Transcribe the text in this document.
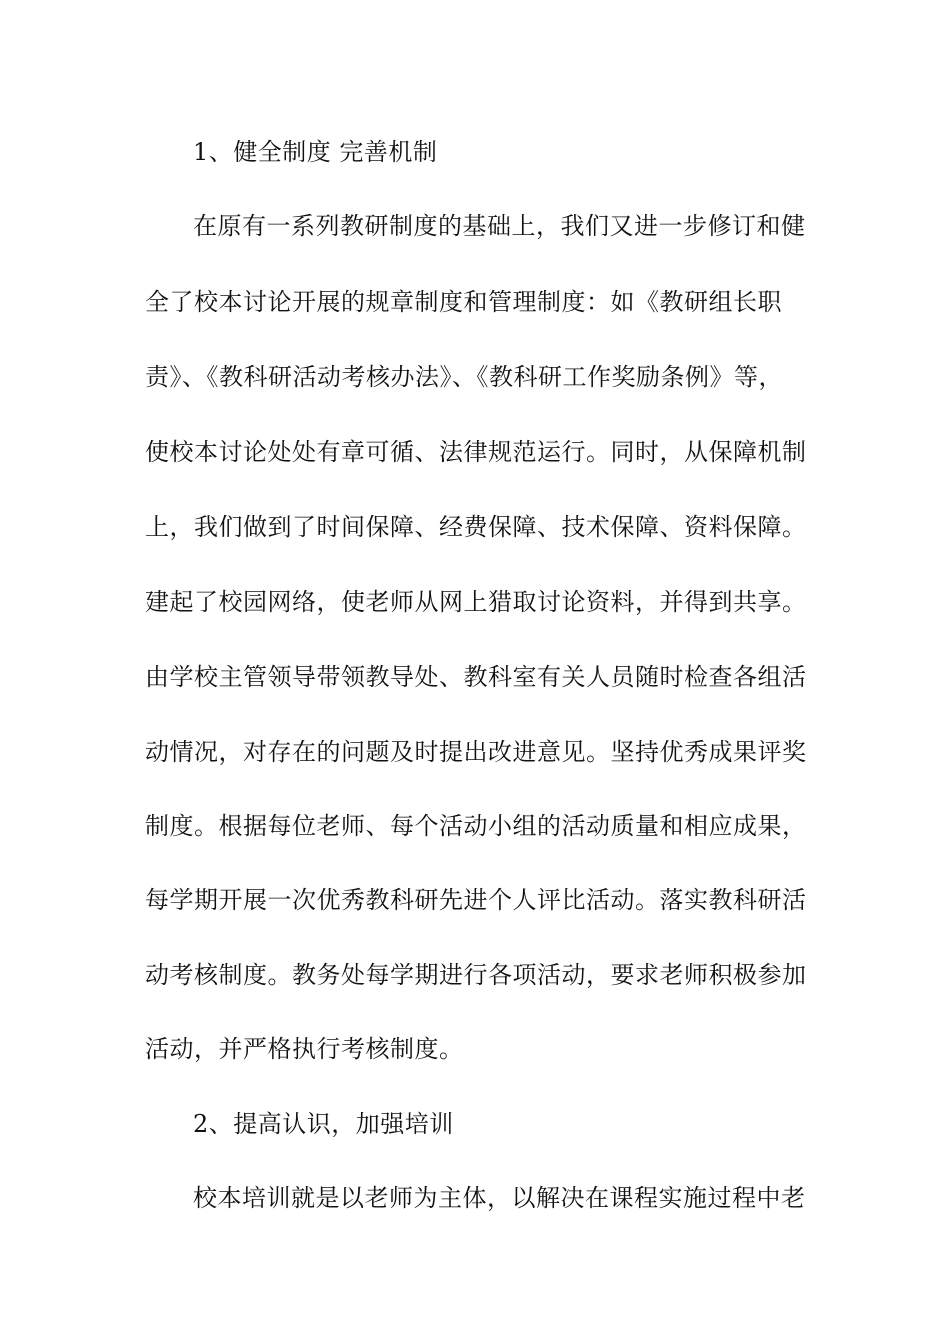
1、健全制度 完善机制
在原有一系列教研制度的基础上，我们又进一步修订和健
全了校本讨论开展的规章制度和管理制度：如《教研组长职
责》、《教科研活动考核办法》、《教科研工作奖励条例》等，
使校本讨论处处有章可循、法律规范运行。同时，从保障机制
上，我们做到了时间保障、经费保障、技术保障、资料保障。
建起了校园网络，使老师从网上猎取讨论资料，并得到共享。
由学校主管领导带领教导处、教科室有关人员随时检查各组活
动情况，对存在的问题及时提出改进意见。坚持优秀成果评奖
制度。根据每位老师、每个活动小组的活动质量和相应成果，
每学期开展一次优秀教科研先进个人评比活动。落实教科研活
动考核制度。教务处每学期进行各项活动，要求老师积极参加
活动，并严格执行考核制度。
2、提高认识，加强培训
校本培训就是以老师为主体，以解决在课程实施过程中老
